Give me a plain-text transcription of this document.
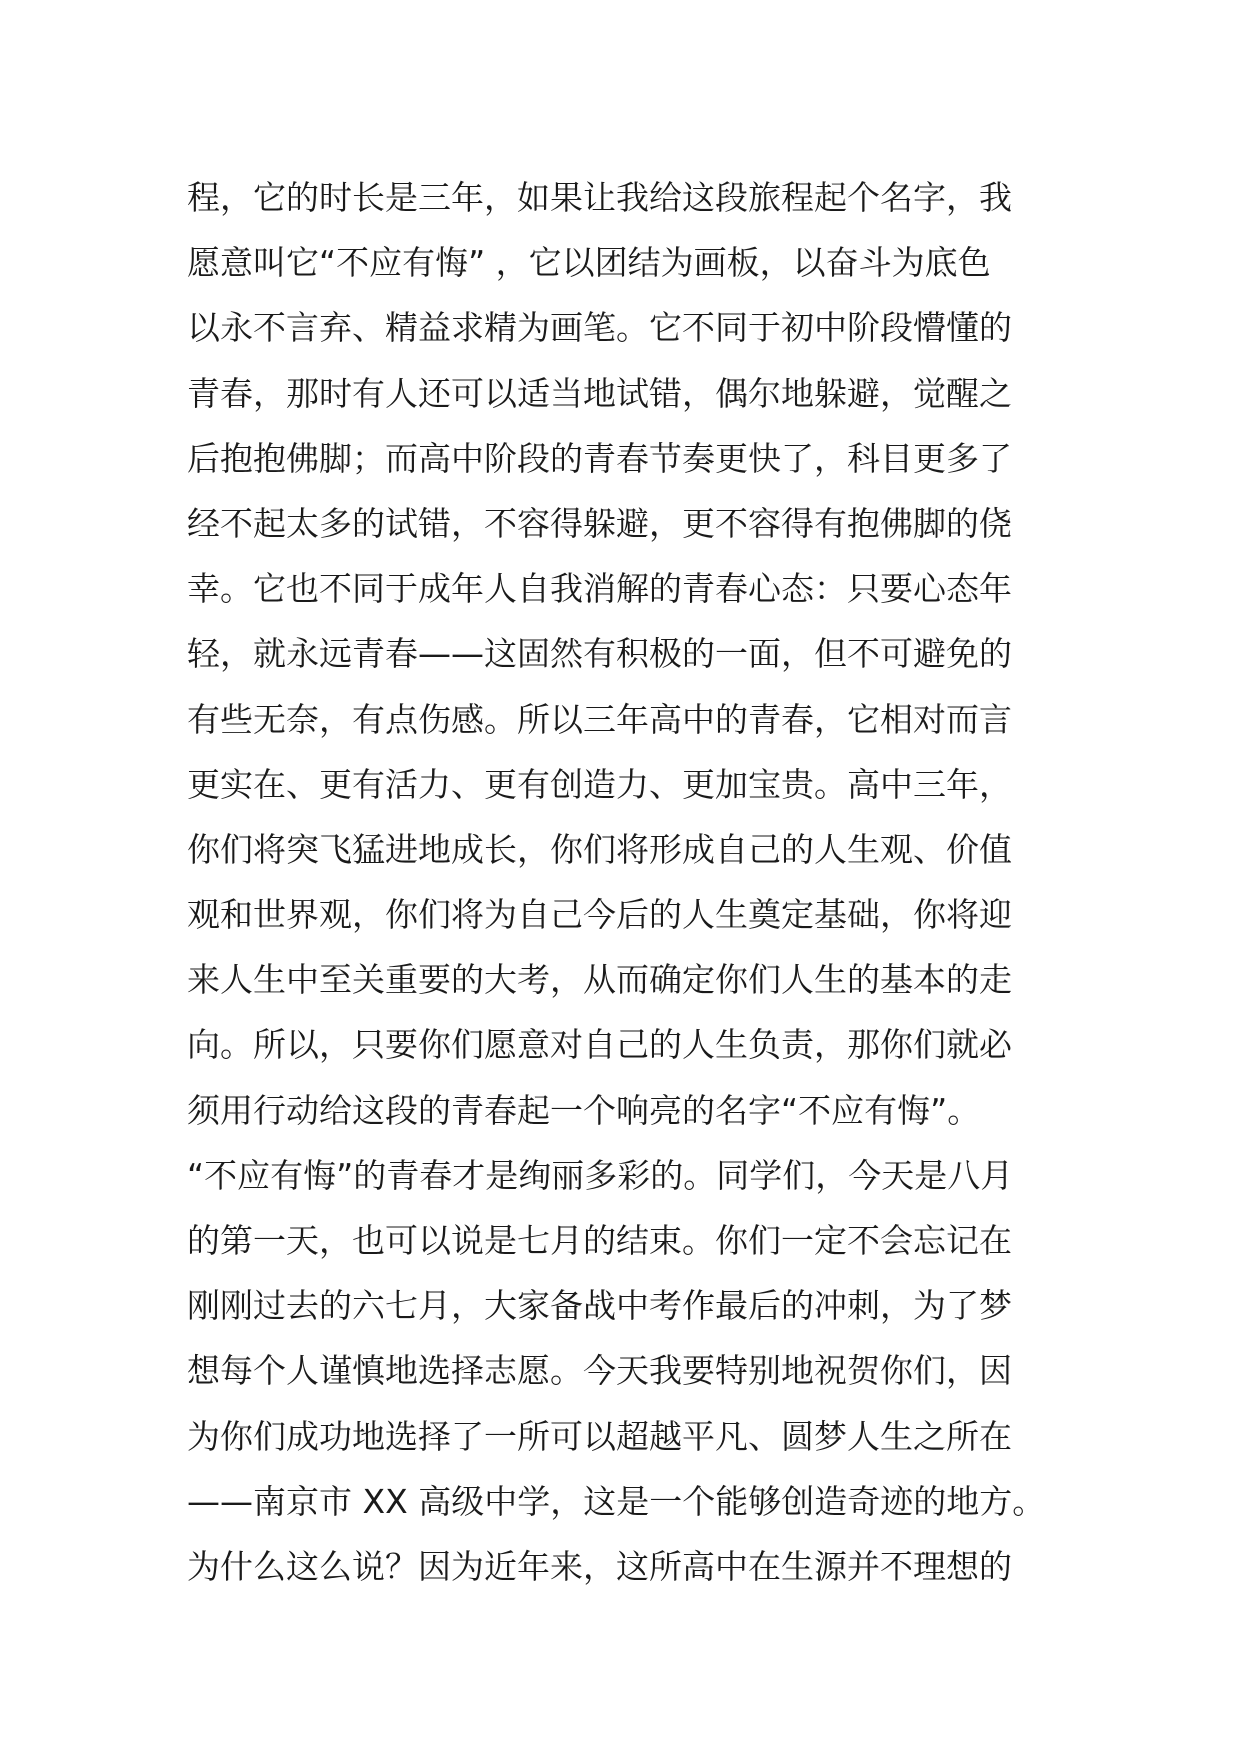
程，它的时长是三年，如果让我给这段旅程起个名字，我
愿意叫它“不应有悔” ，它以团结为画板，以奋斗为底色
以永不言弃、精益求精为画笔。它不同于初中阶段懵懂的
青春，那时有人还可以适当地试错，偶尔地躲避，觉醒之
后抱抱佛脚；而高中阶段的青春节奏更快了，科目更多了
经不起太多的试错，不容得躲避，更不容得有抱佛脚的侥
幸。它也不同于成年人自我消解的青春心态：只要心态年
轻，就永远青春——这固然有积极的一面，但不可避免的
有些无奈，有点伤感。所以三年高中的青春，它相对而言
更实在、更有活力、更有创造力、更加宝贵。高中三年，
你们将突飞猛进地成长，你们将形成自己的人生观、价值
观和世界观，你们将为自己今后的人生奠定基础，你将迎
来人生中至关重要的大考，从而确定你们人生的基本的走
向。所以，只要你们愿意对自己的人生负责，那你们就必
须用行动给这段的青春起一个响亮的名字“不应有悔”。
“不应有悔”的青春才是绚丽多彩的。同学们，今天是八月
的第一天，也可以说是七月的结束。你们一定不会忘记在
刚刚过去的六七月，大家备战中考作最后的冲刺，为了梦
想每个人谨慎地选择志愿。今天我要特别地祝贺你们，因
为你们成功地选择了一所可以超越平凡、圆梦人生之所在
——南京市 XX 高级中学，这是一个能够创造奇迹的地方。
为什么这么说？因为近年来，这所高中在生源并不理想的
